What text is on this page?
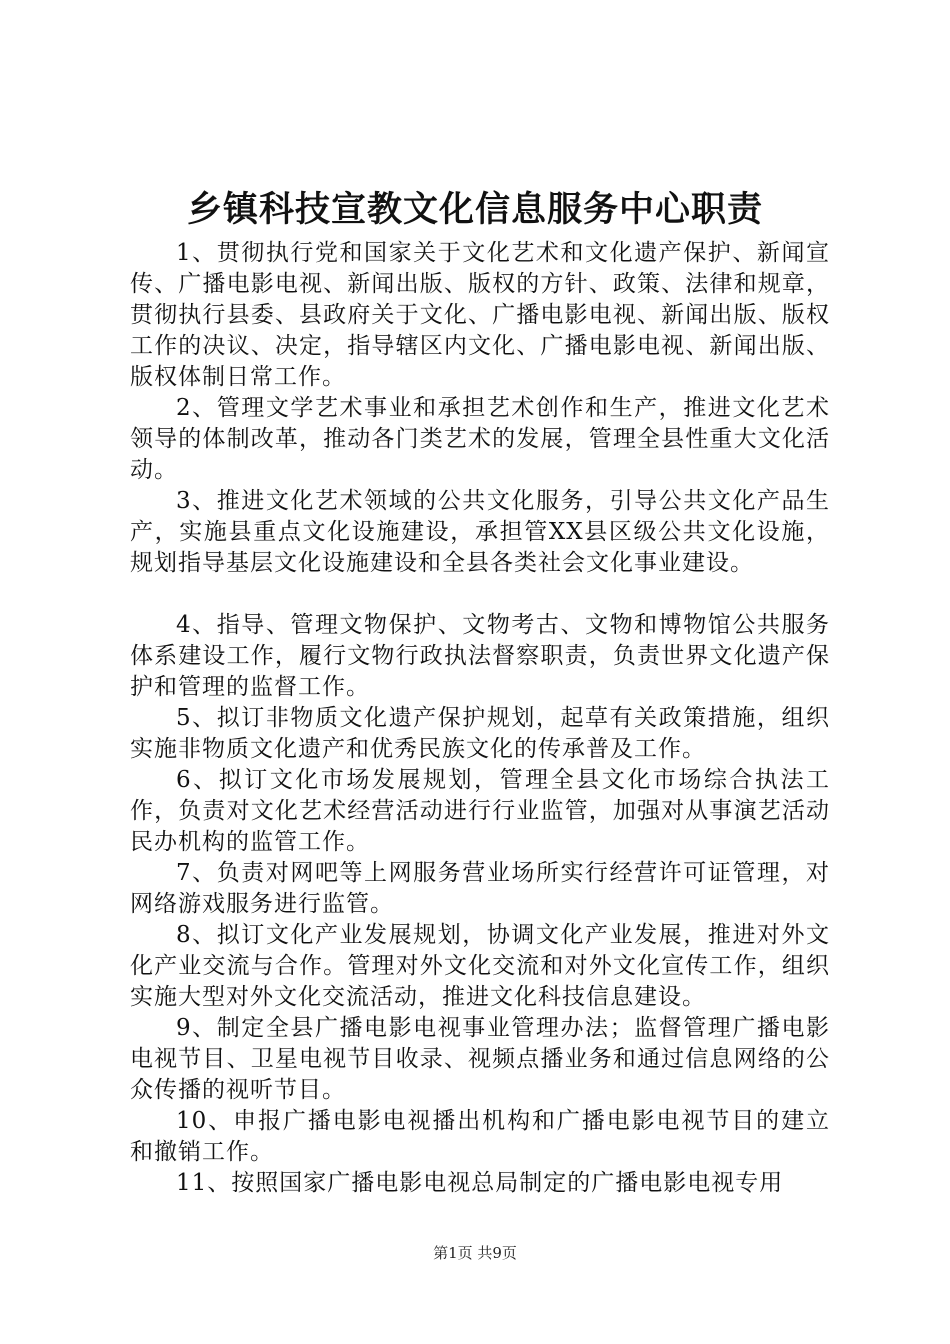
乡镇科技宣教文化信息服务中心职责

1、贯彻执行党和国家关于文化艺术和文化遗产保护、新闻宣传、广播电影电视、新闻出版、版权的方针、政策、法律和规章，贯彻执行县委、县政府关于文化、广播电影电视、新闻出版、版权工作的决议、决定，指导辖区内文化、广播电影电视、新闻出版、版权体制日常工作。

2、管理文学艺术事业和承担艺术创作和生产，推进文化艺术领导的体制改革，推动各门类艺术的发展，管理全县性重大文化活动。

3、推进文化艺术领域的公共文化服务，引导公共文化产品生产，实施县重点文化设施建设，承担管XX县区级公共文化设施，规划指导基层文化设施建设和全县各类社会文化事业建设。

4、指导、管理文物保护、文物考古、文物和博物馆公共服务体系建设工作，履行文物行政执法督察职责，负责世界文化遗产保护和管理的监督工作。

5、拟订非物质文化遗产保护规划，起草有关政策措施，组织实施非物质文化遗产和优秀民族文化的传承普及工作。

6、拟订文化市场发展规划，管理全县文化市场综合执法工作，负责对文化艺术经营活动进行行业监管，加强对从事演艺活动民办机构的监管工作。

7、负责对网吧等上网服务营业场所实行经营许可证管理，对网络游戏服务进行监管。

8、拟订文化产业发展规划，协调文化产业发展，推进对外文化产业交流与合作。管理对外文化交流和对外文化宣传工作，组织实施大型对外文化交流活动，推进文化科技信息建设。

9、制定全县广播电影电视事业管理办法；监督管理广播电影电视节目、卫星电视节目收录、视频点播业务和通过信息网络的公众传播的视听节目。

10、申报广播电影电视播出机构和广播电影电视节目的建立和撤销工作。

11、按照国家广播电影电视总局制定的广播电影电视专用

第1页 共9页
